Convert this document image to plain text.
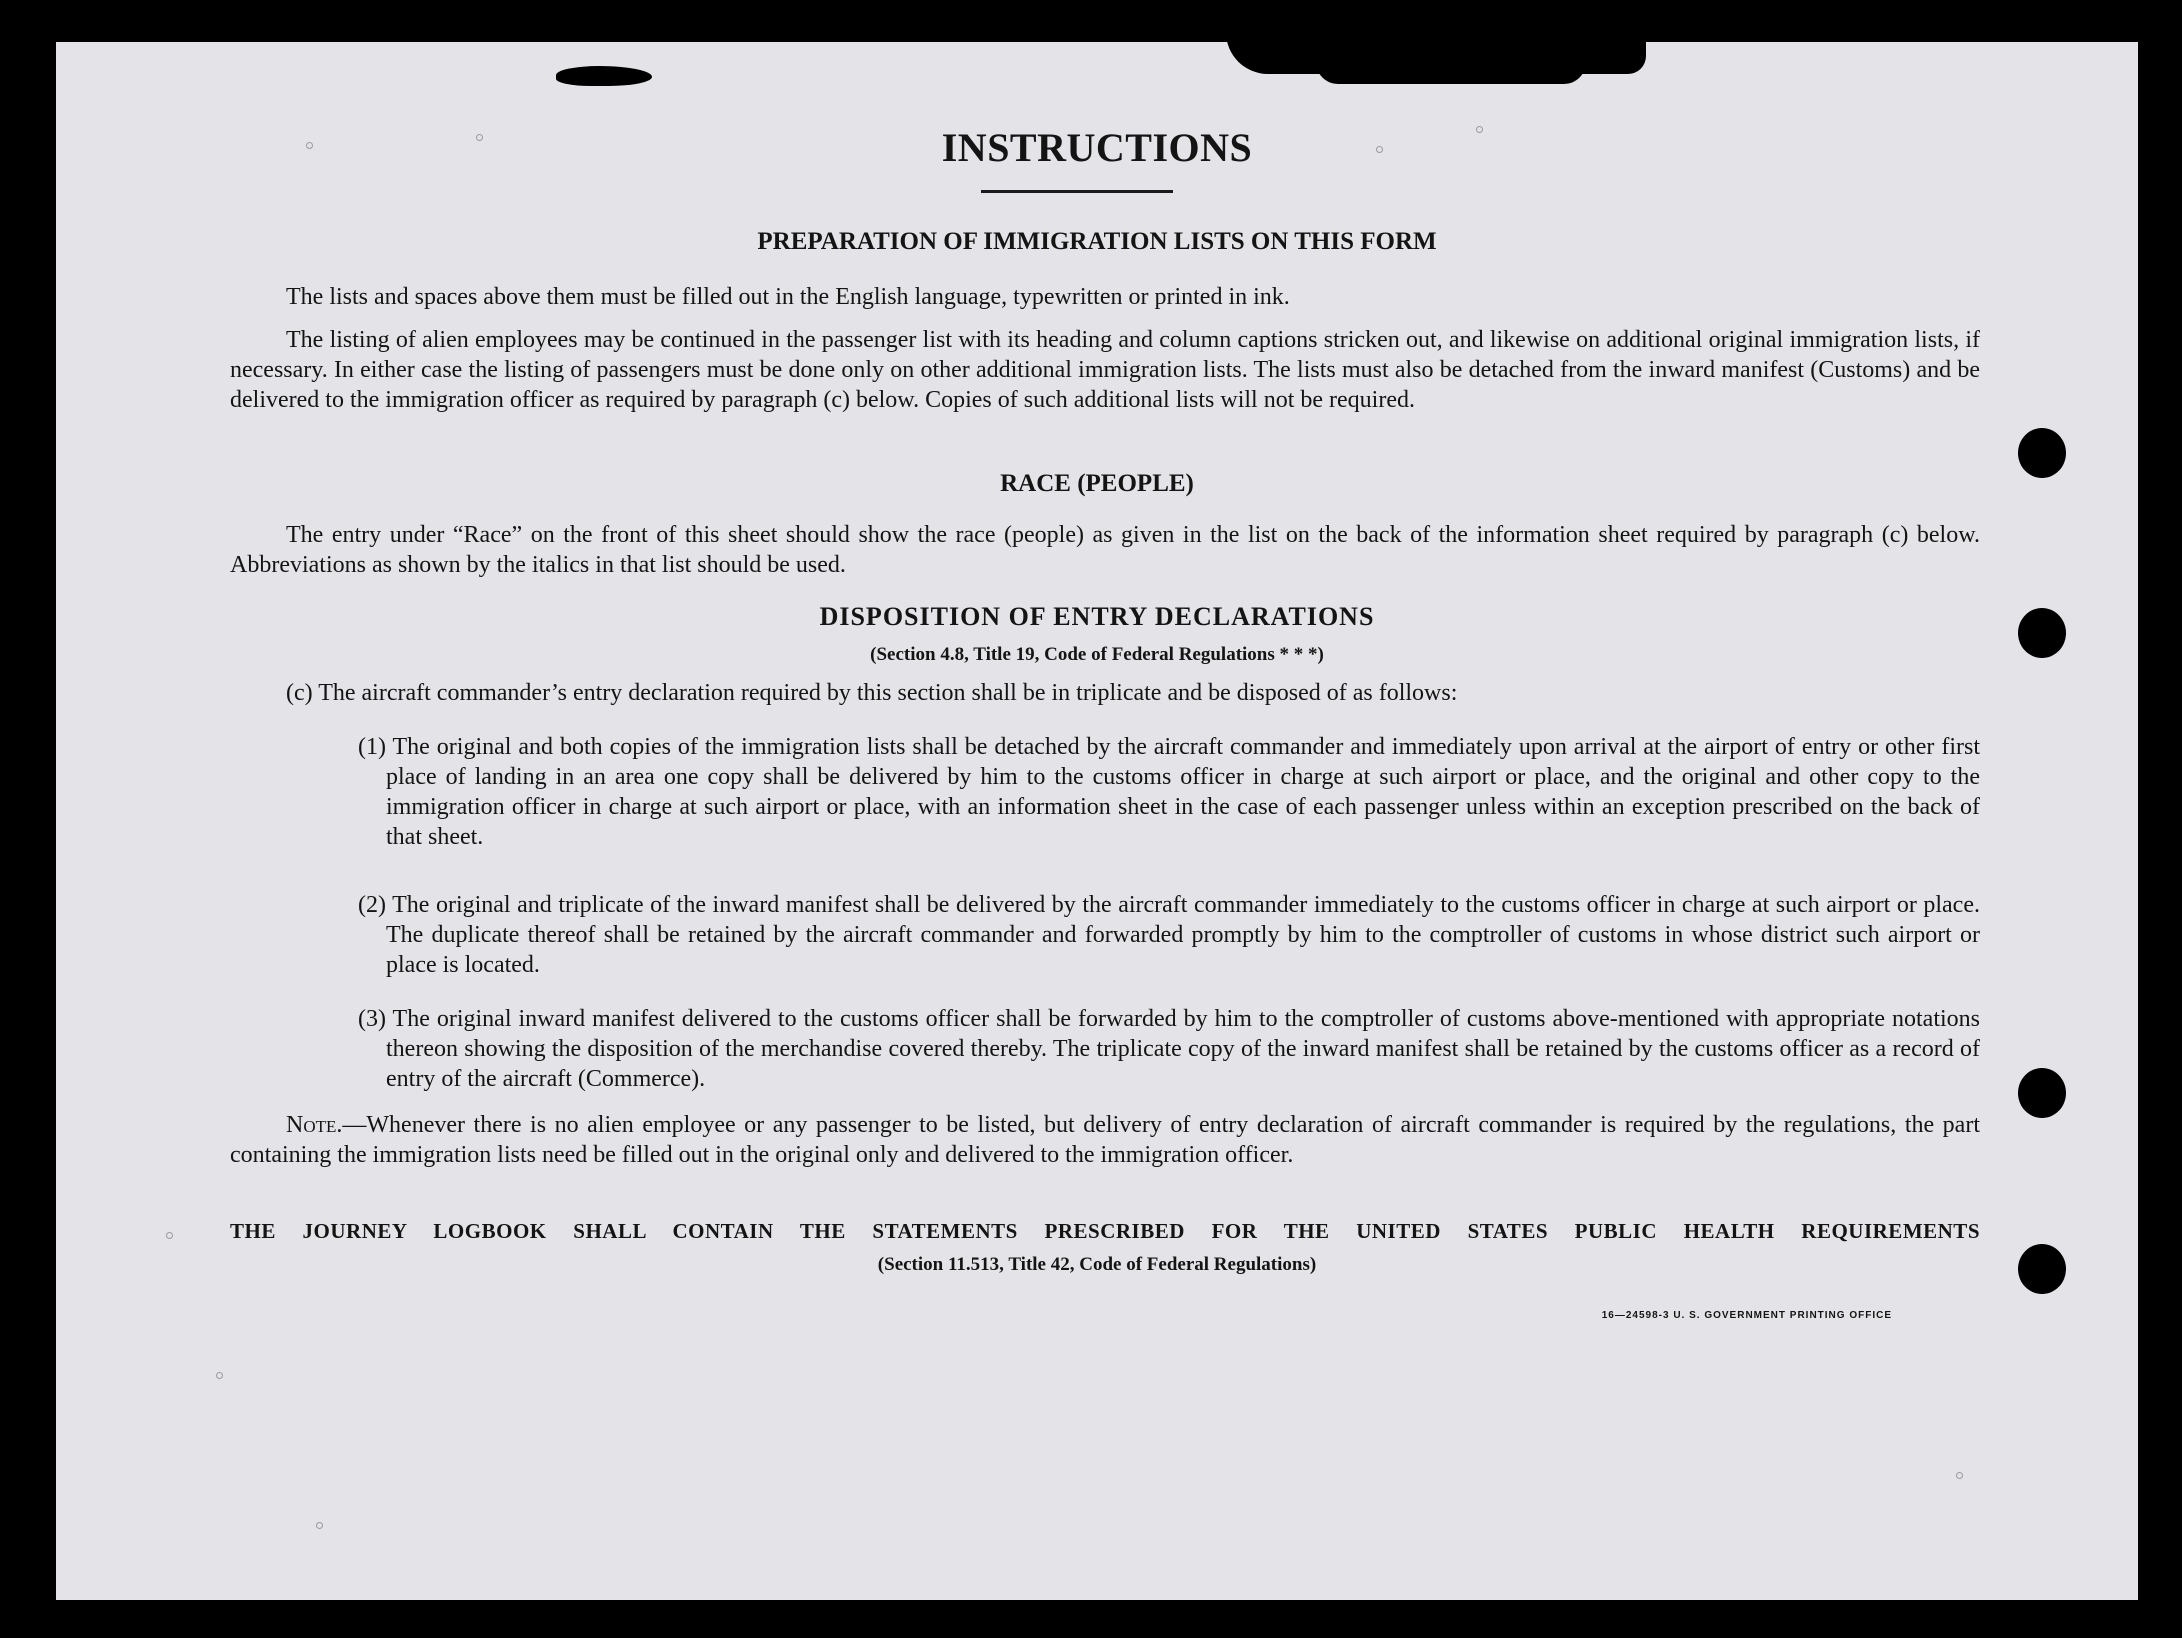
INSTRUCTIONS
PREPARATION OF IMMIGRATION LISTS ON THIS FORM
The lists and spaces above them must be filled out in the English language, typewritten or printed in ink.
The listing of alien employees may be continued in the passenger list with its heading and column captions stricken out, and likewise on additional original immigration lists, if necessary. In either case the listing of passengers must be done only on other additional immigration lists. The lists must also be detached from the inward manifest (Customs) and be delivered to the immigration officer as required by paragraph (c) below. Copies of such additional lists will not be required.
RACE (PEOPLE)
The entry under “Race” on the front of this sheet should show the race (people) as given in the list on the back of the information sheet required by paragraph (c) below. Abbreviations as shown by the italics in that list should be used.
DISPOSITION OF ENTRY DECLARATIONS
(Section 4.8, Title 19, Code of Federal Regulations * * *)
(c) The aircraft commander’s entry declaration required by this section shall be in triplicate and be disposed of as follows:
(1) The original and both copies of the immigration lists shall be detached by the aircraft commander and immediately upon arrival at the airport of entry or other first place of landing in an area one copy shall be delivered by him to the customs officer in charge at such airport or place, and the original and other copy to the immigration officer in charge at such airport or place, with an information sheet in the case of each passenger unless within an exception prescribed on the back of that sheet.
(2) The original and triplicate of the inward manifest shall be delivered by the aircraft commander immediately to the customs officer in charge at such airport or place. The duplicate thereof shall be retained by the aircraft commander and forwarded promptly by him to the comptroller of customs in whose district such airport or place is located.
(3) The original inward manifest delivered to the customs officer shall be forwarded by him to the comptroller of customs above-mentioned with appropriate notations thereon showing the disposition of the merchandise covered thereby. The triplicate copy of the inward manifest shall be retained by the customs officer as a record of entry of the aircraft (Commerce).
Note.—Whenever there is no alien employee or any passenger to be listed, but delivery of entry declaration of aircraft commander is required by the regulations, the part containing the immigration lists need be filled out in the original only and delivered to the immigration officer.
THE JOURNEY LOGBOOK SHALL CONTAIN THE STATEMENTS PRESCRIBED FOR THE UNITED STATES PUBLIC HEALTH REQUIREMENTS
(Section 11.513, Title 42, Code of Federal Regulations)
16—24598-3 U. S. GOVERNMENT PRINTING OFFICE
